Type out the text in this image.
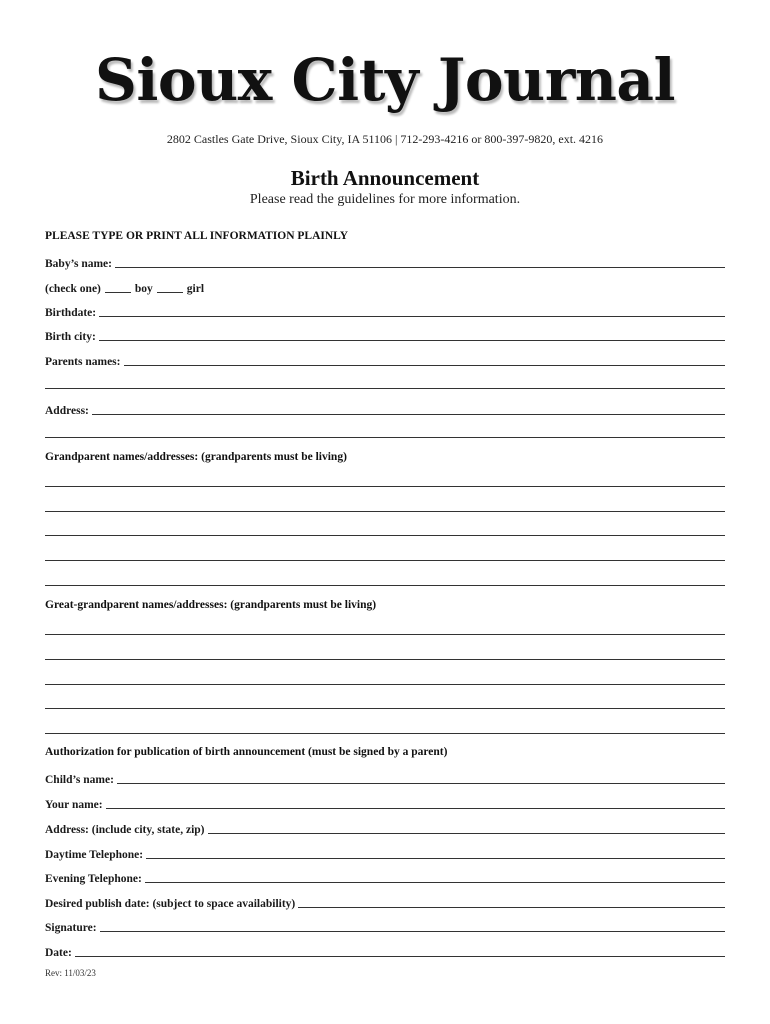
Sioux City Journal
2802 Castles Gate Drive, Sioux City, IA 51106 | 712-293-4216 or 800-397-9820, ext. 4216
Birth Announcement
Please read the guidelines for more information.
PLEASE TYPE OR PRINT ALL INFORMATION PLAINLY
Baby’s name:
(check one)	boy	girl
Birthdate:
Birth city:
Parents names:
Address:
Grandparent names/addresses: (grandparents must be living)
Great-grandparent names/addresses: (grandparents must be living)
Authorization for publication of birth announcement (must be signed by a parent)
Child’s name:
Your name:
Address: (include city, state, zip)
Daytime Telephone:
Evening Telephone:
Desired publish date: (subject to space availability)
Signature:
Date:
Rev: 11/03/23
